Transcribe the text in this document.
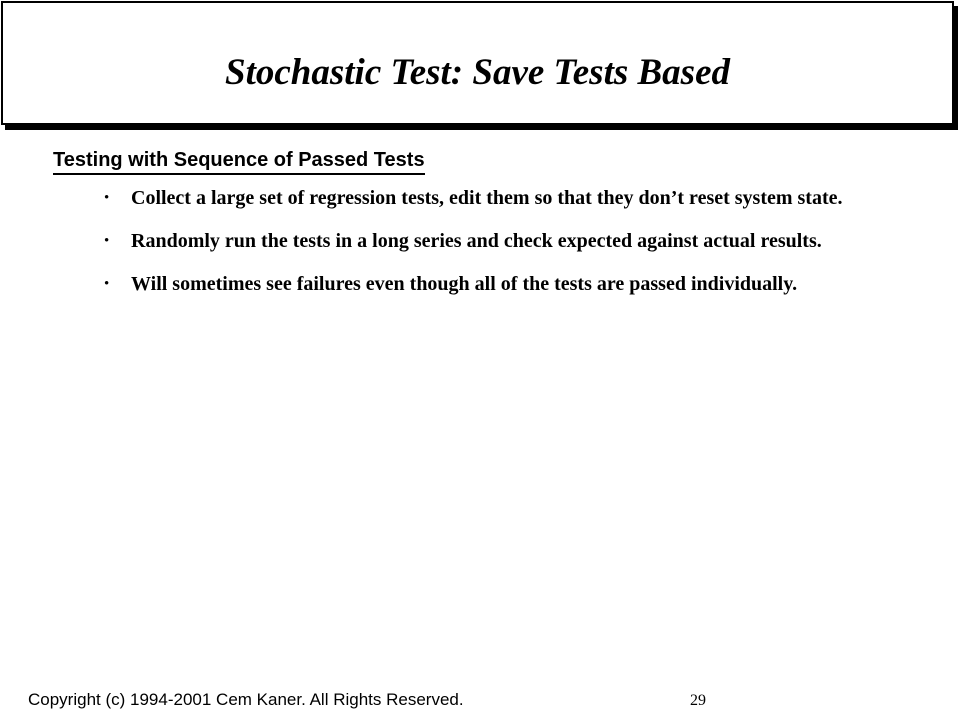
Stochastic Test: Save Tests Based
Testing with Sequence of Passed Tests
• Collect a large set of regression tests, edit them so that they don’t reset system state.
• Randomly run the tests in a long series and check expected against actual results.
• Will sometimes see failures even though all of the tests are passed individually.

Copyright (c) 1994-2001 Cem Kaner. All Rights Reserved.	29
